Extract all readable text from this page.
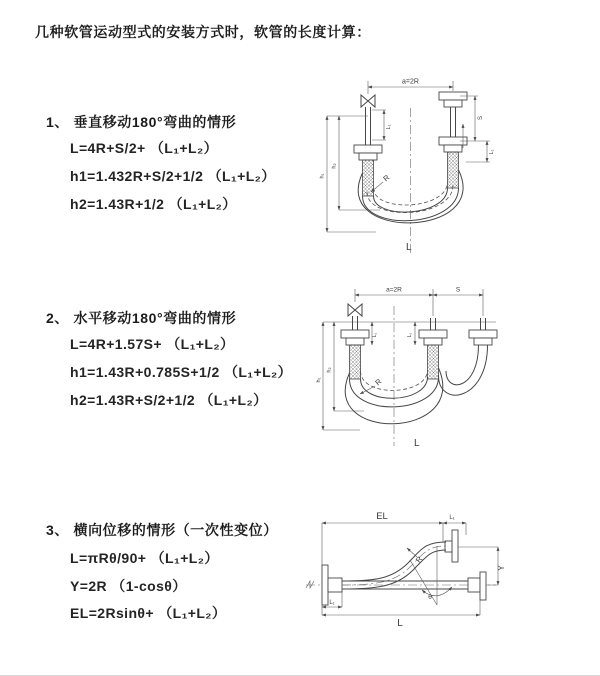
几种软管运动型式的安装方式时，软管的长度计算：
1、 垂直移动180°弯曲的情形
L=4R+S/2+ （L₁+L₂）
h1=1.432R+S/2+1/2 （L₁+L₂）
h2=1.43R+1/2 （L₁+L₂）
a=2R
L₁
S
L₁
h₁
h₂
R
L
2、 水平移动180°弯曲的情形
L=4R+1.57S+ （L₁+L₂）
h1=1.43R+0.785S+1/2 （L₁+L₂）
h2=1.43R+S/2+1/2 （L₁+L₂）
a=2R	S
L₁	L₁
h₁
h₂
R
L
3、 横向位移的情形（一次性变位）
L=πRθ/90+ （L₁+L₂）
Y=2R （1-cosθ）
EL=2Rsinθ+ （L₁+L₂）
EL	L₁
Y
θ
R
L₁
L
